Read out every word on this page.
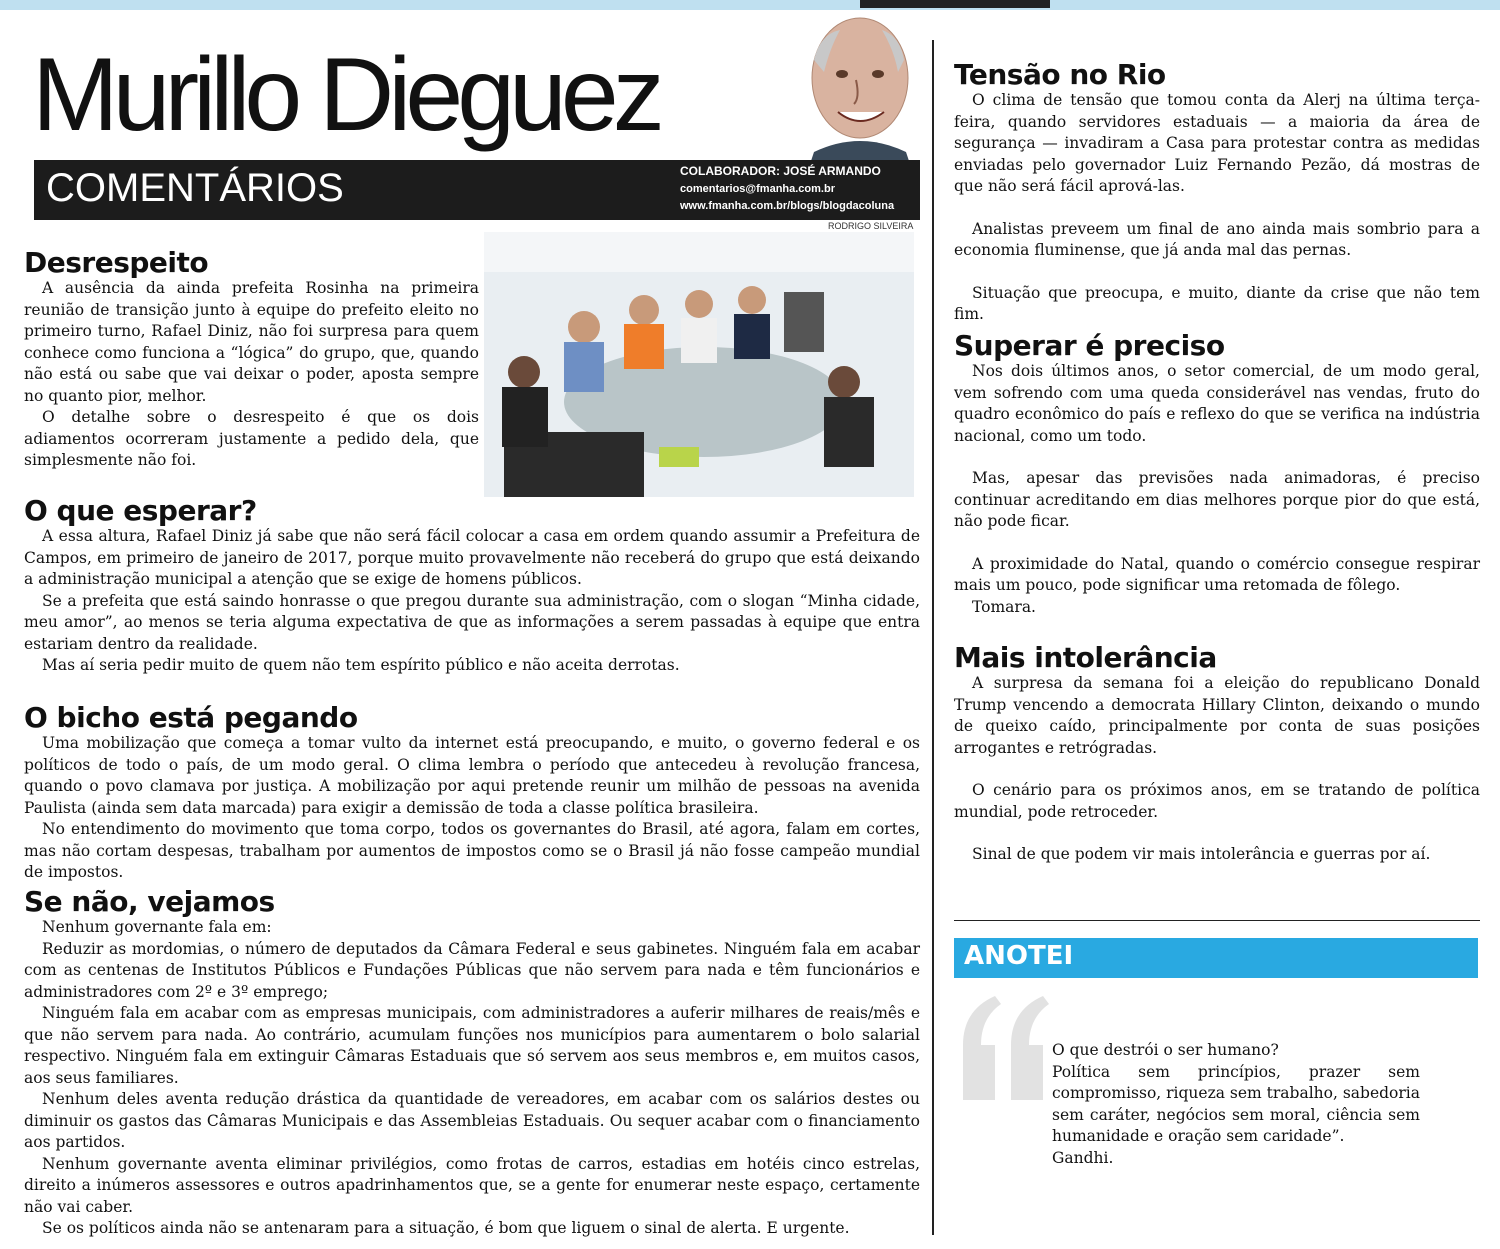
Murillo Dieguez
COMENTÁRIOS	COLABORADOR: JOSÉ ARMANDO
comentarios@fmanha.com.br
www.fmanha.com.br/blogs/blogdacoluna
RODRIGO SILVEIRA
Desrespeito

A ausência da ainda prefeita Rosinha na primeira reunião de transição junto à equipe do prefeito eleito no primeiro turno, Rafael Diniz, não foi surpresa para quem conhece como funciona a “lógica” do grupo, que, quando não está ou sabe que vai deixar o poder, aposta sempre no quanto pior, melhor.

O detalhe sobre o desrespeito é que os dois adiamentos ocorreram justamente a pedido dela, que simplesmente não foi.

O que esperar?

A essa altura, Rafael Diniz já sabe que não será fácil colocar a casa em ordem quando assumir a Prefeitura de Campos, em primeiro de janeiro de 2017, porque muito provavelmente não receberá do grupo que está deixando a administração municipal a atenção que se exige de homens públicos.

Se a prefeita que está saindo honrasse o que pregou durante sua administração, com o slogan “Minha cidade, meu amor”, ao menos se teria alguma expectativa de que as informações a serem passadas à equipe que entra estariam dentro da realidade.

Mas aí seria pedir muito de quem não tem espírito público e não aceita derrotas.

O bicho está pegando

Uma mobilização que começa a tomar vulto da internet está preocupando, e muito, o governo federal e os políticos de todo o país, de um modo geral. O clima lembra o período que antecedeu à revolução francesa, quando o povo clamava por justiça. A mobilização por aqui pretende reunir um milhão de pessoas na avenida Paulista (ainda sem data marcada) para exigir a demissão de toda a classe política brasileira.

No entendimento do movimento que toma corpo, todos os governantes do Brasil, até agora, falam em cortes, mas não cortam despesas, trabalham por aumentos de impostos como se o Brasil já não fosse campeão mundial de impostos.

Se não, vejamos

Nenhum governante fala em:

Reduzir as mordomias, o número de deputados da Câmara Federal e seus gabinetes. Ninguém fala em acabar com as centenas de Institutos Públicos e Fundações Públicas que não servem para nada e têm funcionários e administradores com 2º e 3º emprego;

Ninguém fala em acabar com as empresas municipais, com administradores a auferir milhares de reais/mês e que não servem para nada. Ao contrário, acumulam funções nos municípios para aumentarem o bolo salarial respectivo. Ninguém fala em extinguir Câmaras Estaduais que só servem aos seus membros e, em muitos casos, aos seus familiares.

Nenhum deles aventa redução drástica da quantidade de vereadores, em acabar com os salários destes ou diminuir os gastos das Câmaras Municipais e das Assembleias Estaduais. Ou sequer acabar com o financiamento aos partidos.

Nenhum governante aventa eliminar privilégios, como frotas de carros, estadias em hotéis cinco estrelas, direito a inúmeros assessores e outros apadrinhamentos que, se a gente for enumerar neste espaço, certamente não vai caber.

Se os políticos ainda não se antenaram para a situação, é bom que liguem o sinal de alerta. E urgente.

Tensão no Rio

O clima de tensão que tomou conta da Alerj na última terça-feira, quando servidores estaduais — a maioria da área de segurança — invadiram a Casa para protestar contra as medidas enviadas pelo governador Luiz Fernando Pezão, dá mostras de que não será fácil aprová-las.

Analistas preveem um final de ano ainda mais sombrio para a economia fluminense, que já anda mal das pernas.

Situação que preocupa, e muito, diante da crise que não tem fim.

Superar é preciso

Nos dois últimos anos, o setor comercial, de um modo geral, vem sofrendo com uma queda considerável nas vendas, fruto do quadro econômico do país e reflexo do que se verifica na indústria nacional, como um todo.

Mas, apesar das previsões nada animadoras, é preciso continuar acreditando em dias melhores porque pior do que está, não pode ficar.

A proximidade do Natal, quando o comércio consegue respirar mais um pouco, pode significar uma retomada de fôlego.

Tomara.

Mais intolerância

A surpresa da semana foi a eleição do republicano Donald Trump vencendo a democrata Hillary Clinton, deixando o mundo de queixo caído, principalmente por conta de suas posições arrogantes e retrógradas.

O cenário para os próximos anos, em se tratando de política mundial, pode retroceder.

Sinal de que podem vir mais intolerância e guerras por aí.

ANOTEI

O que destrói o ser humano?

Política sem princípios, prazer sem compromisso, riqueza sem trabalho, sabedoria sem caráter, negócios sem moral, ciência sem humanidade e oração sem caridade”.

Gandhi.
